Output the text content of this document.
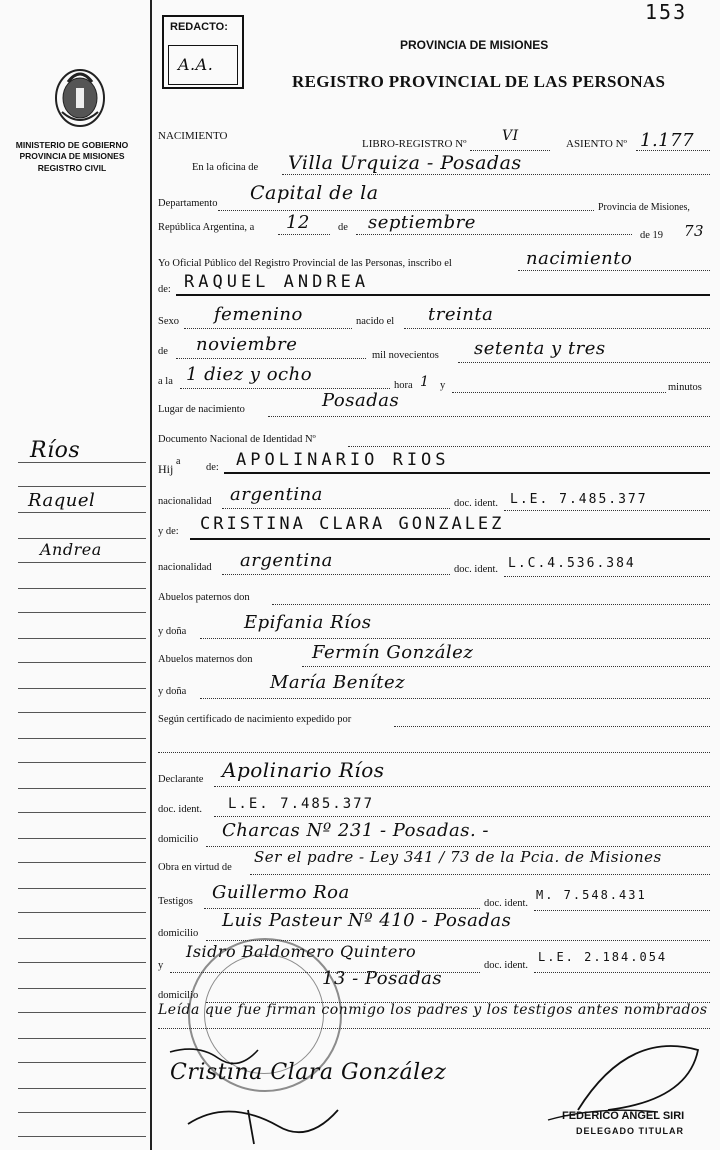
MINISTERIO DE GOBIERNO
PROVINCIA DE MISIONES
REGISTRO CIVIL
Ríos
Raquel
Andrea
153
REDACTO:
A.A.
PROVINCIA DE MISIONES
REGISTRO PROVINCIAL DE LAS PERSONAS
NACIMIENTO
LIBRO-REGISTRO Nº	VI	ASIENTO Nº 1.177
En la oficina de Villa Urquiza - Posadas
Departamento Capital de la
Provincia de Misiones,
República Argentina, a 12	de septiembre
de 19 73
Yo Oficial Público del Registro Provincial de las Personas, inscribo el	nacimiento
de: RAQUEL ANDREA
Sexo femenino	nacido el treinta
de noviembre
mil novecientos setenta y tres
a la 1 diez y ocho
hora 1 y	minutos
Lugar de nacimiento	Posadas
Documento Nacional de Identidad Nº
Hij
a
de: APOLINARIO RIOS
nacionalidad argentina	doc. ident. L.E. 7.485.377
y de: CRISTINA CLARA GONZALEZ
nacionalidad argentina	doc. ident. L.C.4.536.384
Abuelos paternos don
y doña	Epifania Ríos
Abuelos maternos don	Fermín González
y doña	María Benítez
Según certificado de nacimiento expedido por
Declarante Apolinario Ríos
doc. ident. L.E. 7.485.377
domicilio Charcas Nº 231 - Posadas. -
Obra en virtud de
Ser el padre - Ley 341 / 73 de la Pcia. de Misiones
Testigos Guillermo Roa
doc. ident.
M. 7.548.431
domicilio
Luis Pasteur Nº 410 - Posadas
y
Isidro Baldomero Quintero
doc. ident.
L.E. 2.184.054
domicilio
13 - Posadas
Leída que fue firman conmigo los padres y los testigos antes nombrados
Cristina Clara González
FEDERICO ANGEL SIRI
DELEGADO TITULAR
